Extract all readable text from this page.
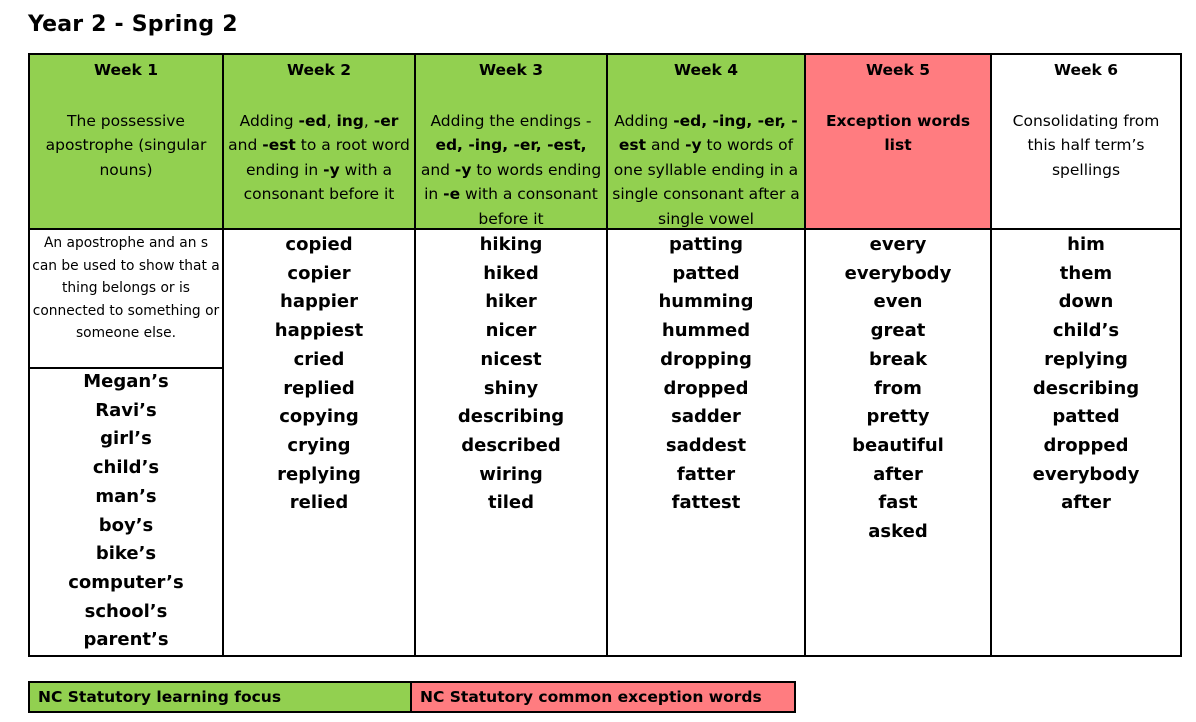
Year 2 - Spring 2
Week 1
The possessive apostrophe (singular nouns)
An apostrophe and an s can be used to show that a thing belongs or is connected to something or someone else.
Megan’s
Ravi’s
girl’s
child’s
man’s
boy’s
bike’s
computer’s
school’s
parent’s
Week 2
Adding -ed, ing, -er and -est to a root word ending in -y with a consonant before it
copied
copier
happier
happiest
cried
replied
copying
crying
replying
relied
Week 3
Adding the endings - ed, -ing, -er, -est, and -y to words ending in -e with a consonant before it
hiking
hiked
hiker
nicer
nicest
shiny
describing
described
wiring
tiled
Week 4
Adding -ed, -ing, -er, -est and -y to words of one syllable ending in a single consonant after a single vowel
patting
patted
humming
hummed
dropping
dropped
sadder
saddest
fatter
fattest
Week 5
Exception words list
every
everybody
even
great
break
from
pretty
beautiful
after
fast
asked
Week 6
Consolidating from this half term’s spellings
him
them
down
child’s
replying
describing
patted
dropped
everybody
after
NC Statutory learning focus	NC Statutory common exception words
